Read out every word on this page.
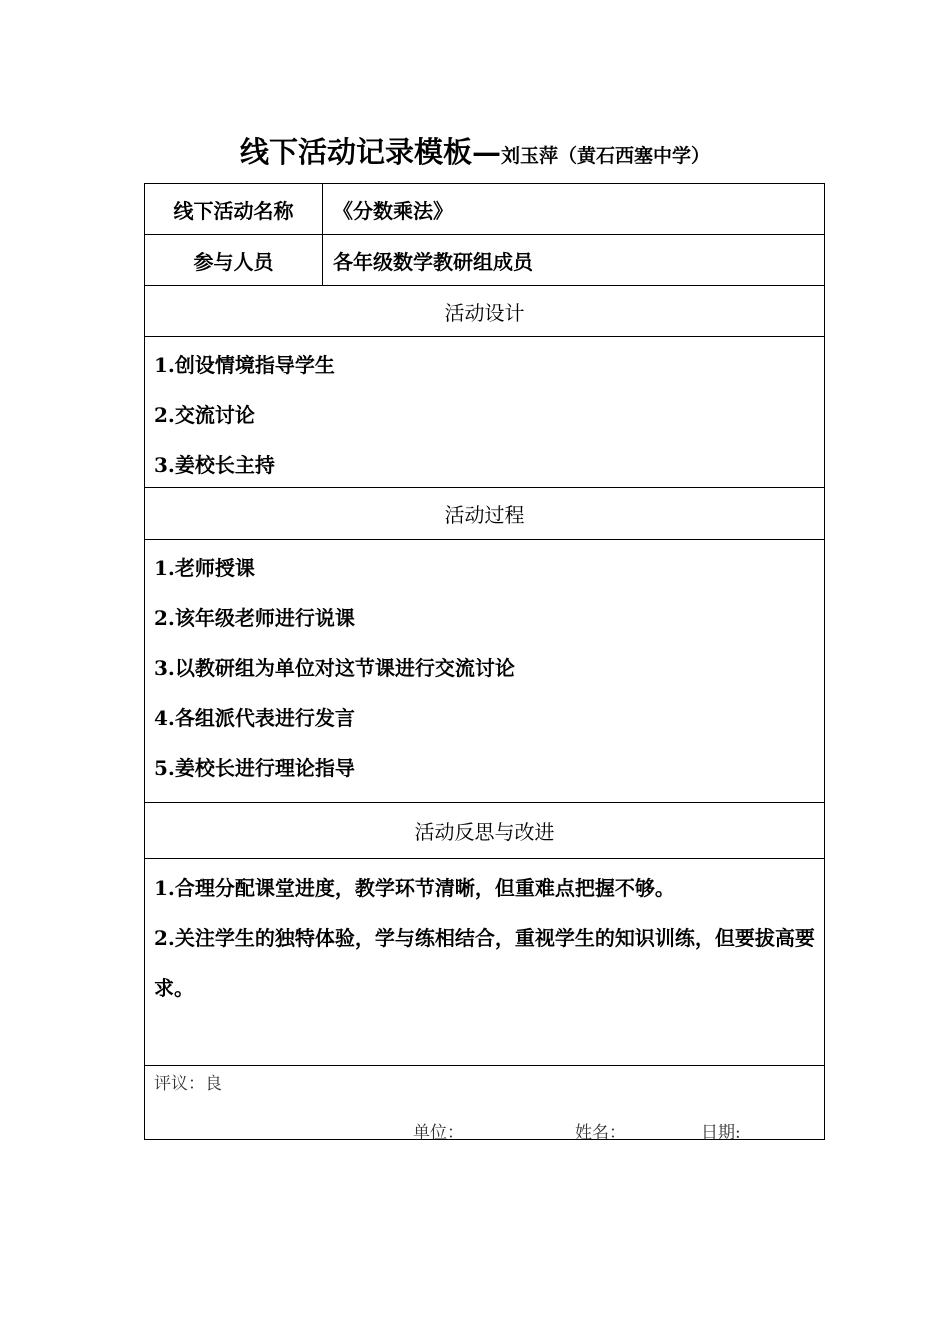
线下活动记录模板—刘玉萍（黄石西塞中学）
线下活动名称	《分数乘法》
参与人员	各年级数学教研组成员
活动设计
1.创设情境指导学生
2.交流讨论
3.姜校长主持
活动过程
1.老师授课
2.该年级老师进行说课
3.以教研组为单位对这节课进行交流讨论
4.各组派代表进行发言
5.姜校长进行理论指导
活动反思与改进
1.合理分配课堂进度，教学环节清晰，但重难点把握不够。
2.关注学生的独特体验，学与练相结合，重视学生的知识训练，但要拔高要求。
评议：良
单位：	姓名：	日期:
